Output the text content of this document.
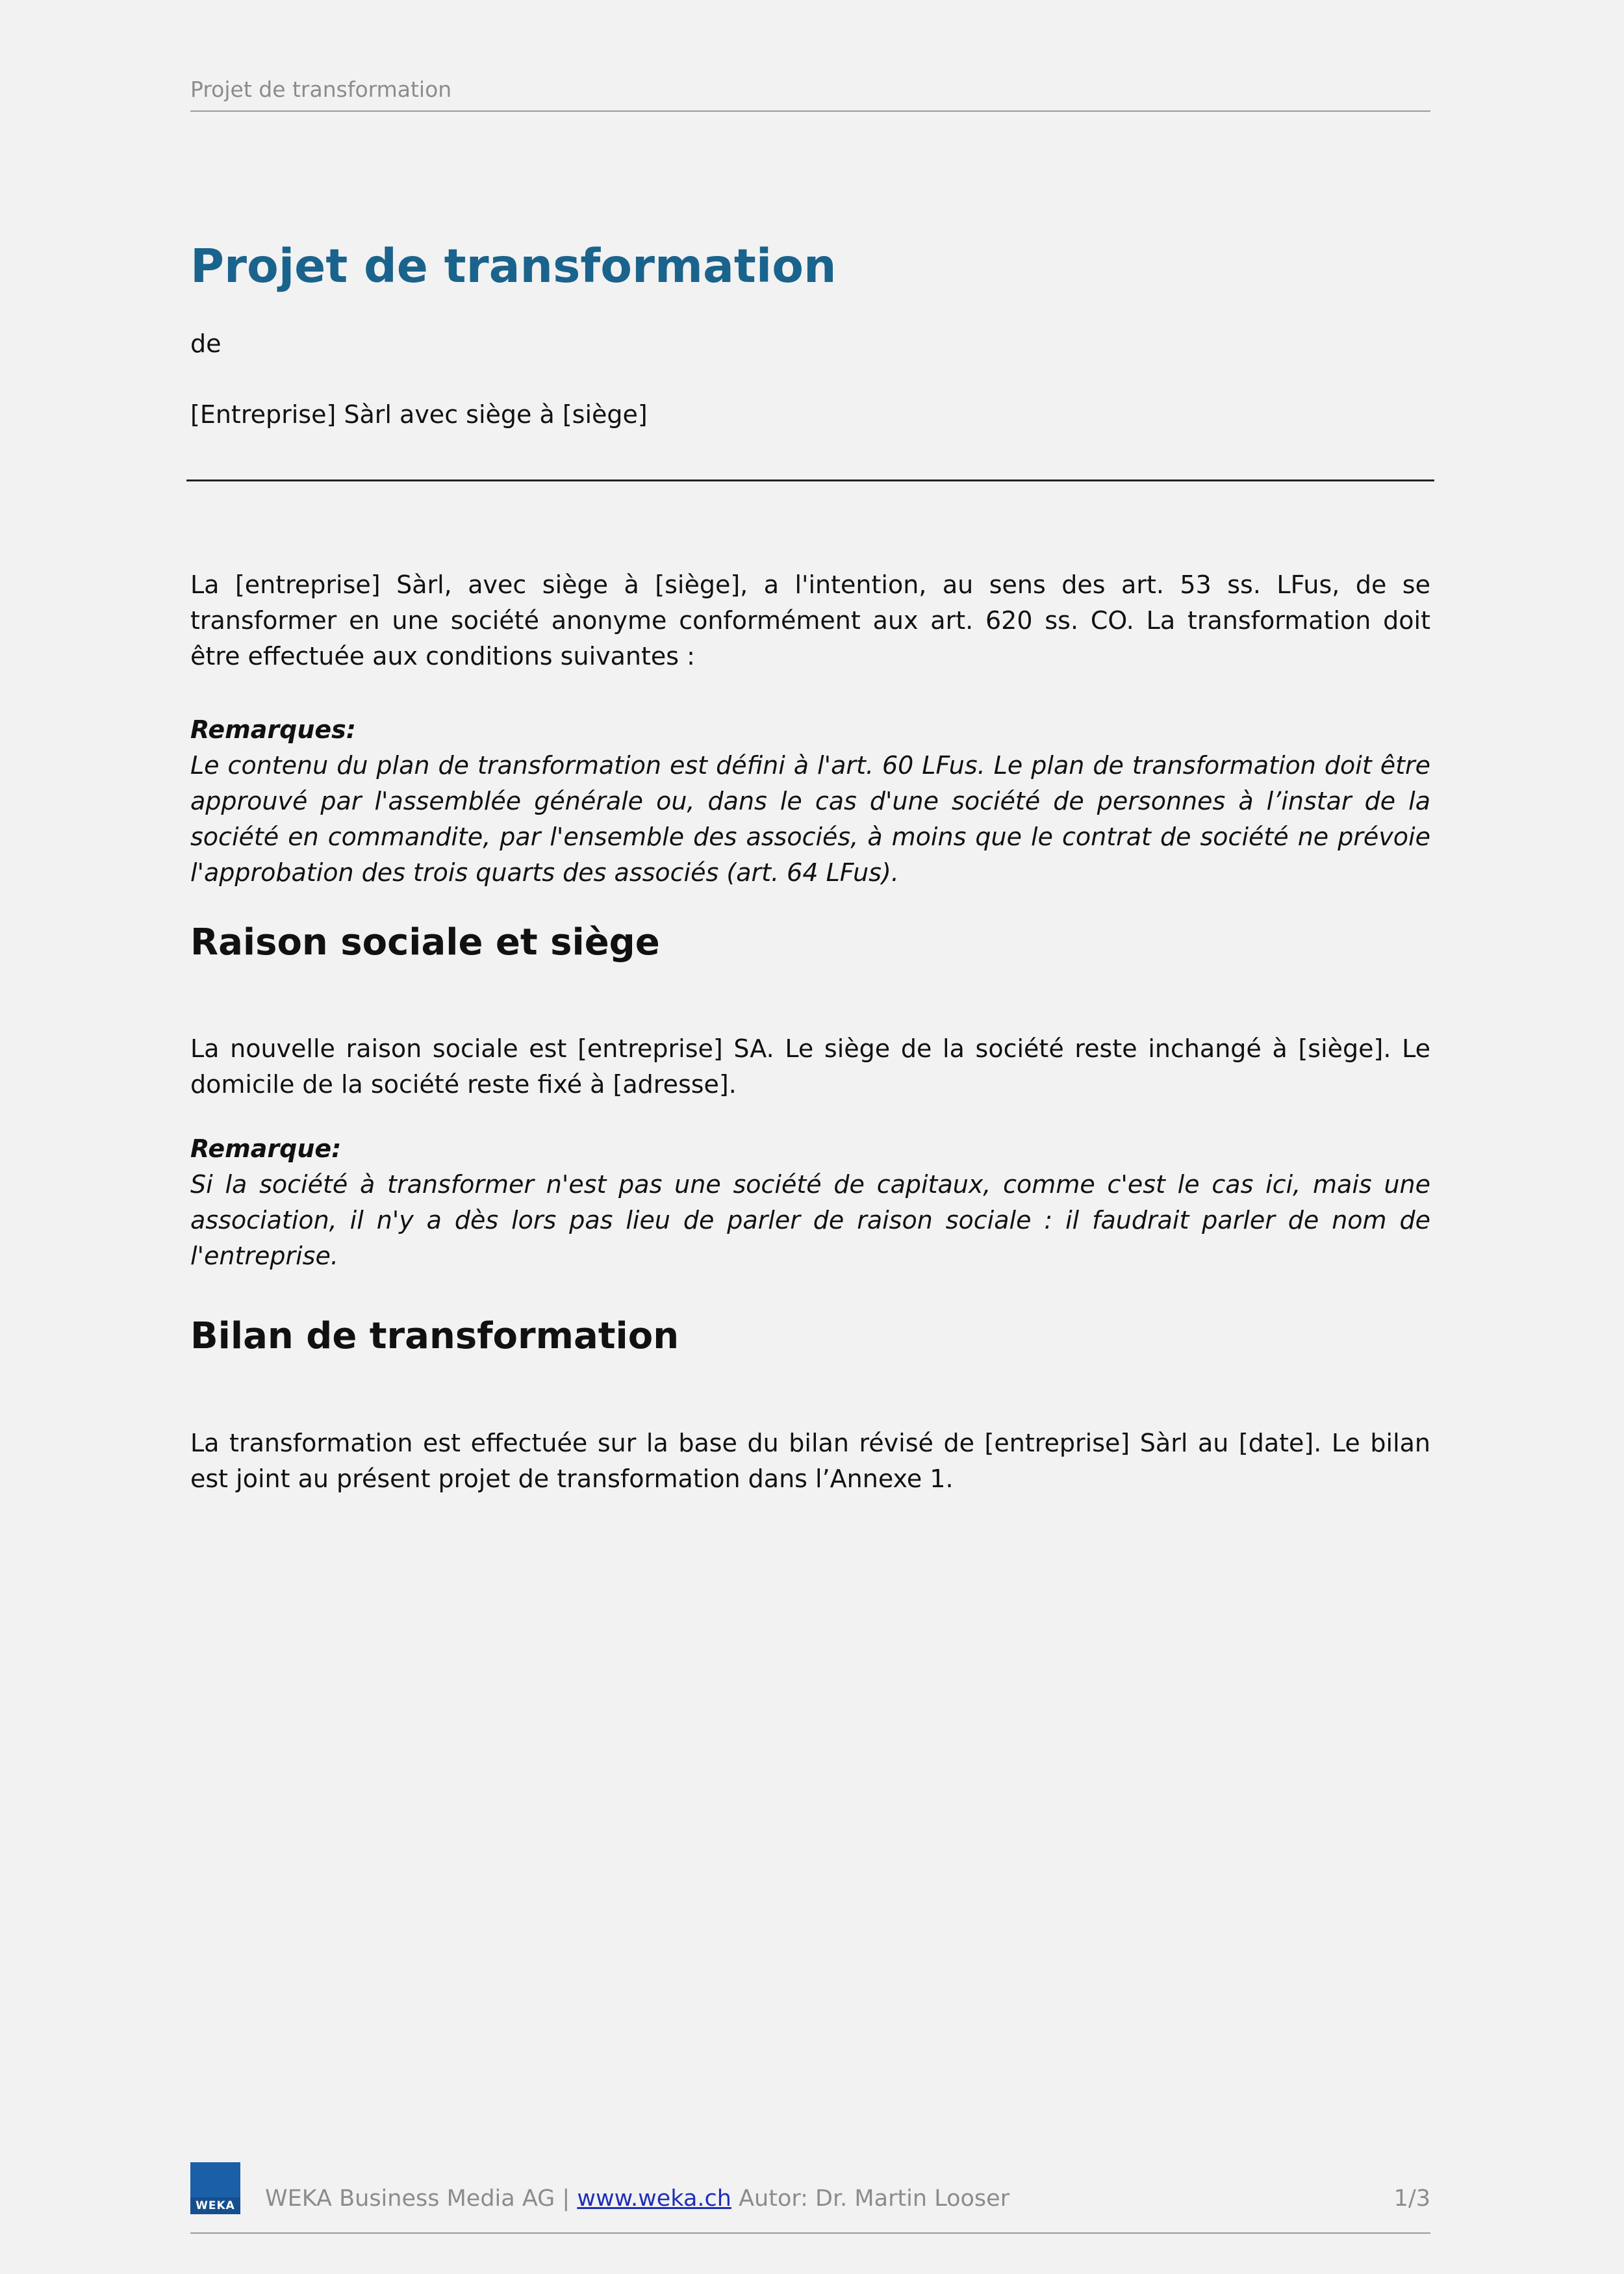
Projet de transformation
Projet de transformation

de

[Entreprise] Sàrl avec siège à [siège]

La [entreprise] Sàrl, avec siège à [siège], a l'intention, au sens des art. 53 ss. LFus, de se transformer en une société anonyme conformément aux art. 620 ss. CO. La transformation doit être effectuée aux conditions suivantes :

Remarques:
Le contenu du plan de transformation est défini à l'art. 60 LFus. Le plan de transformation doit être approuvé par l'assemblée générale ou, dans le cas d'une société de personnes à l’instar de la société en commandite, par l'ensemble des associés, à moins que le contrat de société ne prévoie l'approbation des trois quarts des associés (art. 64 LFus).
Raison sociale et siège

La nouvelle raison sociale est [entreprise] SA. Le siège de la société reste inchangé à [siège]. Le domicile de la société reste fixé à [adresse].

Remarque:
Si la société à transformer n'est pas une société de capitaux, comme c'est le cas ici, mais une association, il n'y a dès lors pas lieu de parler de raison sociale : il faudrait parler de nom de l'entreprise.
Bilan de transformation

La transformation est effectuée sur la base du bilan révisé de [entreprise] Sàrl au [date]. Le bilan est joint au présent projet de transformation dans l’Annexe 1.

WEKA WEKA Business Media AG | www.weka.ch Autor: Dr. Martin Looser	1/3
